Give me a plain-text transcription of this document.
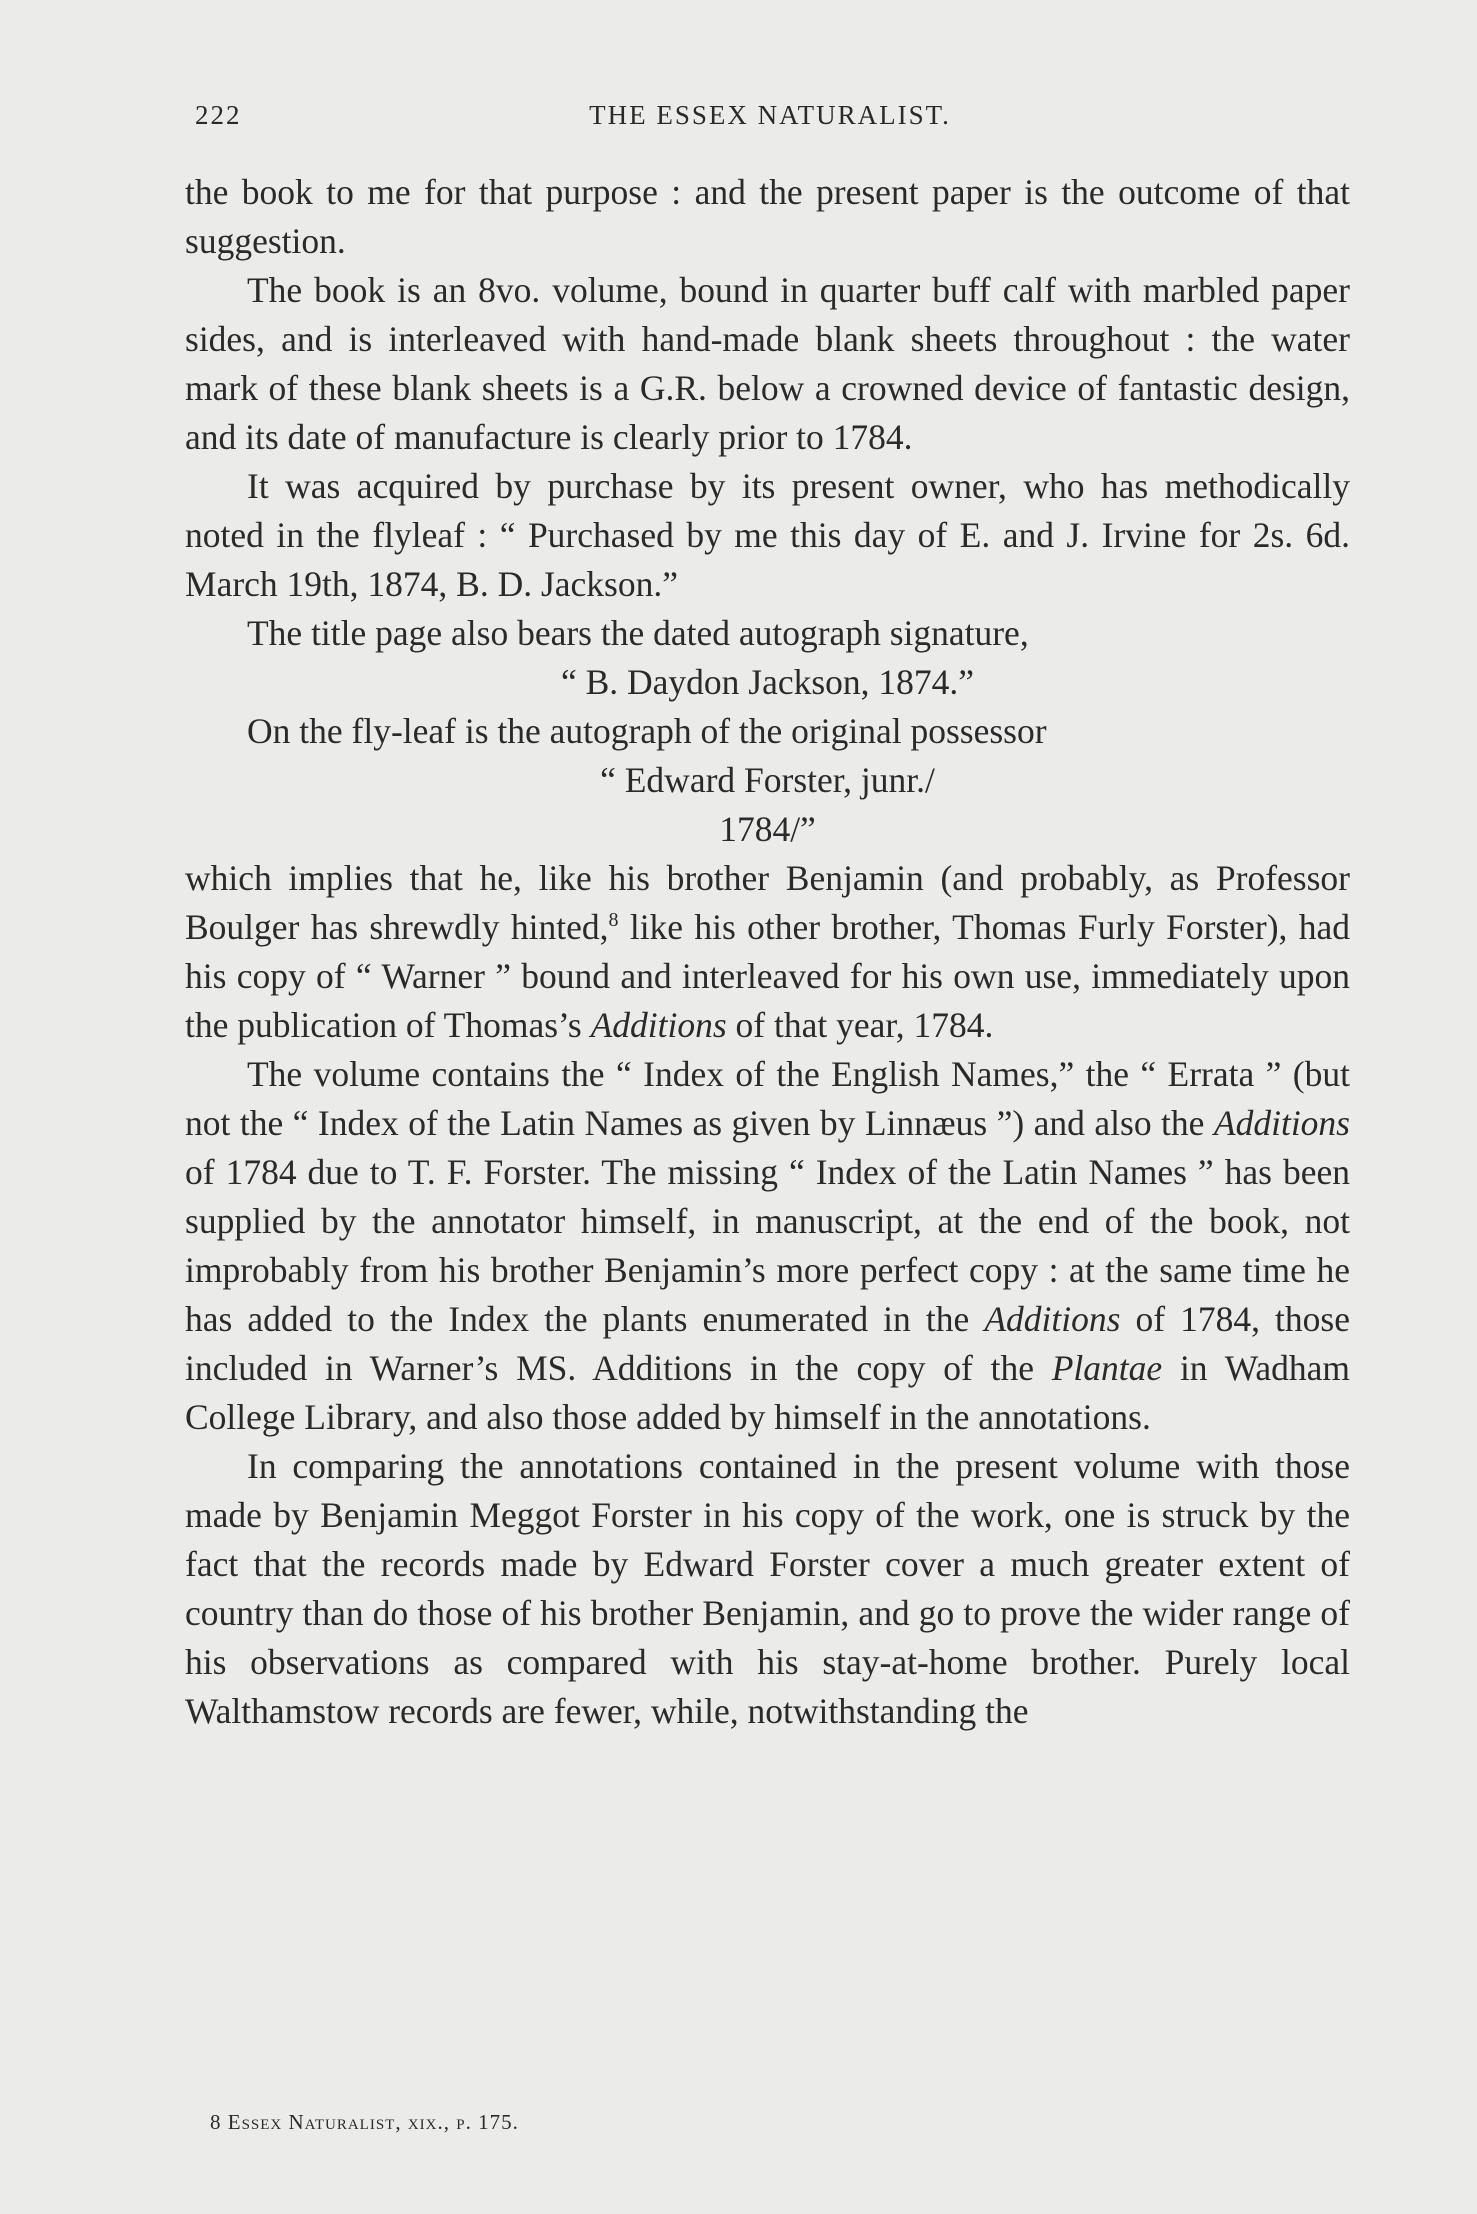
222	THE ESSEX NATURALIST.

the book to me for that purpose : and the present paper is the outcome of that suggestion.

The book is an 8vo. volume, bound in quarter buff calf with marbled paper sides, and is interleaved with hand-made blank sheets throughout : the water mark of these blank sheets is a G.R. below a crowned device of fantastic design, and its date of manufacture is clearly prior to 1784.

It was acquired by purchase by its present owner, who has methodically noted in the flyleaf : “ Purchased by me this day of E. and J. Irvine for 2s. 6d. March 19th, 1874, B. D. Jackson.”

The title page also bears the dated autograph signature,

“ B. Daydon Jackson, 1874.”

On the fly-leaf is the autograph of the original possessor

“ Edward Forster, junr./

1784/”

which implies that he, like his brother Benjamin (and probably, as Professor Boulger has shrewdly hinted,$^8$ like his other brother, Thomas Furly Forster), had his copy of “ Warner ” bound and interleaved for his own use, immediately upon the publication of Thomas’s Additions of that year, 1784.

The volume contains the “ Index of the English Names,” the “ Errata ” (but not the “ Index of the Latin Names as given by Linnæus ”) and also the Additions of 1784 due to T. F. Forster. The missing “ Index of the Latin Names ” has been supplied by the annotator himself, in manuscript, at the end of the book, not improbably from his brother Benjamin’s more perfect copy : at the same time he has added to the Index the plants enumerated in the Additions of 1784, those included in Warner’s MS. Additions in the copy of the Plantae in Wadham College Library, and also those added by himself in the annotations.

In comparing the annotations contained in the present volume with those made by Benjamin Meggot Forster in his copy of the work, one is struck by the fact that the records made by Edward Forster cover a much greater extent of country than do those of his brother Benjamin, and go to prove the wider range of his observations as compared with his stay-at-home brother. Purely local Walthamstow records are fewer, while, notwithstanding the

8 Essex Naturalist, xix., p. 175.
